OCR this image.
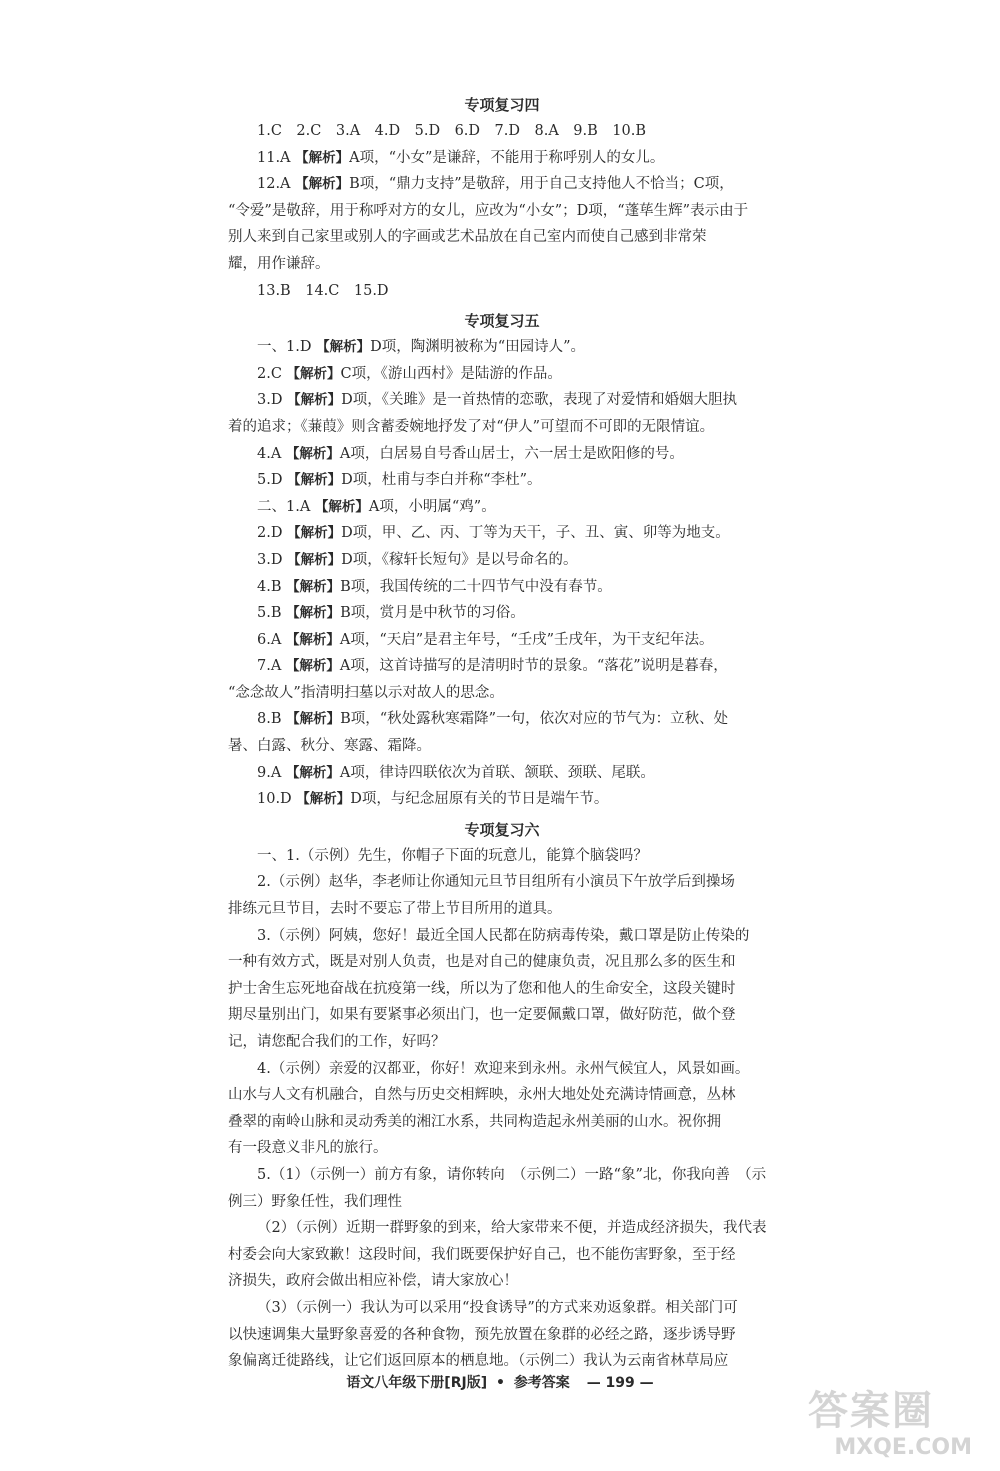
专项复习四
1.C　2.C　3.A　4.D　5.D　6.D　7.D　8.A　9.B　10.B
11.A 【解析】A项，“小女”是谦辞，不能用于称呼别人的女儿。
12.A 【解析】B项，“鼎力支持”是敬辞，用于自己支持他人不恰当；C项，
“令爱”是敬辞，用于称呼对方的女儿，应改为“小女”；D项，“蓬荜生辉”表示由于
别人来到自己家里或别人的字画或艺术品放在自己室内而使自己感到非常荣
耀，用作谦辞。
13.B　14.C　15.D
专项复习五
一、1.D 【解析】D项，陶渊明被称为“田园诗人”。
2.C 【解析】C项，《游山西村》是陆游的作品。
3.D 【解析】D项，《关雎》是一首热情的恋歌，表现了对爱情和婚姻大胆执
着的追求；《蒹葭》则含蓄委婉地抒发了对“伊人”可望而不可即的无限情谊。
4.A 【解析】A项，白居易自号香山居士，六一居士是欧阳修的号。
5.D 【解析】D项，杜甫与李白并称“李杜”。
二、1.A 【解析】A项，小明属“鸡”。
2.D 【解析】D项，甲、乙、丙、丁等为天干，子、丑、寅、卯等为地支。
3.D 【解析】D项，《稼轩长短句》是以号命名的。
4.B 【解析】B项，我国传统的二十四节气中没有春节。
5.B 【解析】B项，赏月是中秋节的习俗。
6.A 【解析】A项，“天启”是君主年号，“壬戌”壬戌年，为干支纪年法。
7.A 【解析】A项，这首诗描写的是清明时节的景象。“落花”说明是暮春，
“念念故人”指清明扫墓以示对故人的思念。
8.B 【解析】B项，“秋处露秋寒霜降”一句，依次对应的节气为：立秋、处
暑、白露、秋分、寒露、霜降。
9.A 【解析】A项，律诗四联依次为首联、颔联、颈联、尾联。
10.D 【解析】D项，与纪念屈原有关的节日是端午节。
专项复习六
一、1.（示例）先生，你帽子下面的玩意儿，能算个脑袋吗？
2.（示例）赵华，李老师让你通知元旦节目组所有小演员下午放学后到操场
排练元旦节目，去时不要忘了带上节目所用的道具。
3.（示例）阿姨，您好！最近全国人民都在防病毒传染，戴口罩是防止传染的
一种有效方式，既是对别人负责，也是对自己的健康负责，况且那么多的医生和
护士舍生忘死地奋战在抗疫第一线，所以为了您和他人的生命安全，这段关键时
期尽量别出门，如果有要紧事必须出门，也一定要佩戴口罩，做好防范，做个登
记，请您配合我们的工作，好吗？
4.（示例）亲爱的汉都亚，你好！欢迎来到永州。永州气候宜人，风景如画。
山水与人文有机融合，自然与历史交相辉映，永州大地处处充满诗情画意，丛林
叠翠的南岭山脉和灵动秀美的湘江水系，共同构造起永州美丽的山水。祝你拥
有一段意义非凡的旅行。
5.（1）（示例一）前方有象，请你转向　（示例二）一路“象”北，你我向善　（示
例三）野象任性，我们理性
（2）（示例）近期一群野象的到来，给大家带来不便，并造成经济损失，我代表
村委会向大家致歉！这段时间，我们既要保护好自己，也不能伤害野象，至于经
济损失，政府会做出相应补偿，请大家放心！
（3）（示例一）我认为可以采用“投食诱导”的方式来劝返象群。相关部门可
以快速调集大量野象喜爱的各种食物，预先放置在象群的必经之路，逐步诱导野
象偏离迁徙路线，让它们返回原本的栖息地。（示例二）我认为云南省林草局应
语文八年级下册[RJ版] • 参考答案 — 199 —
答案圈
MXQE.COM
